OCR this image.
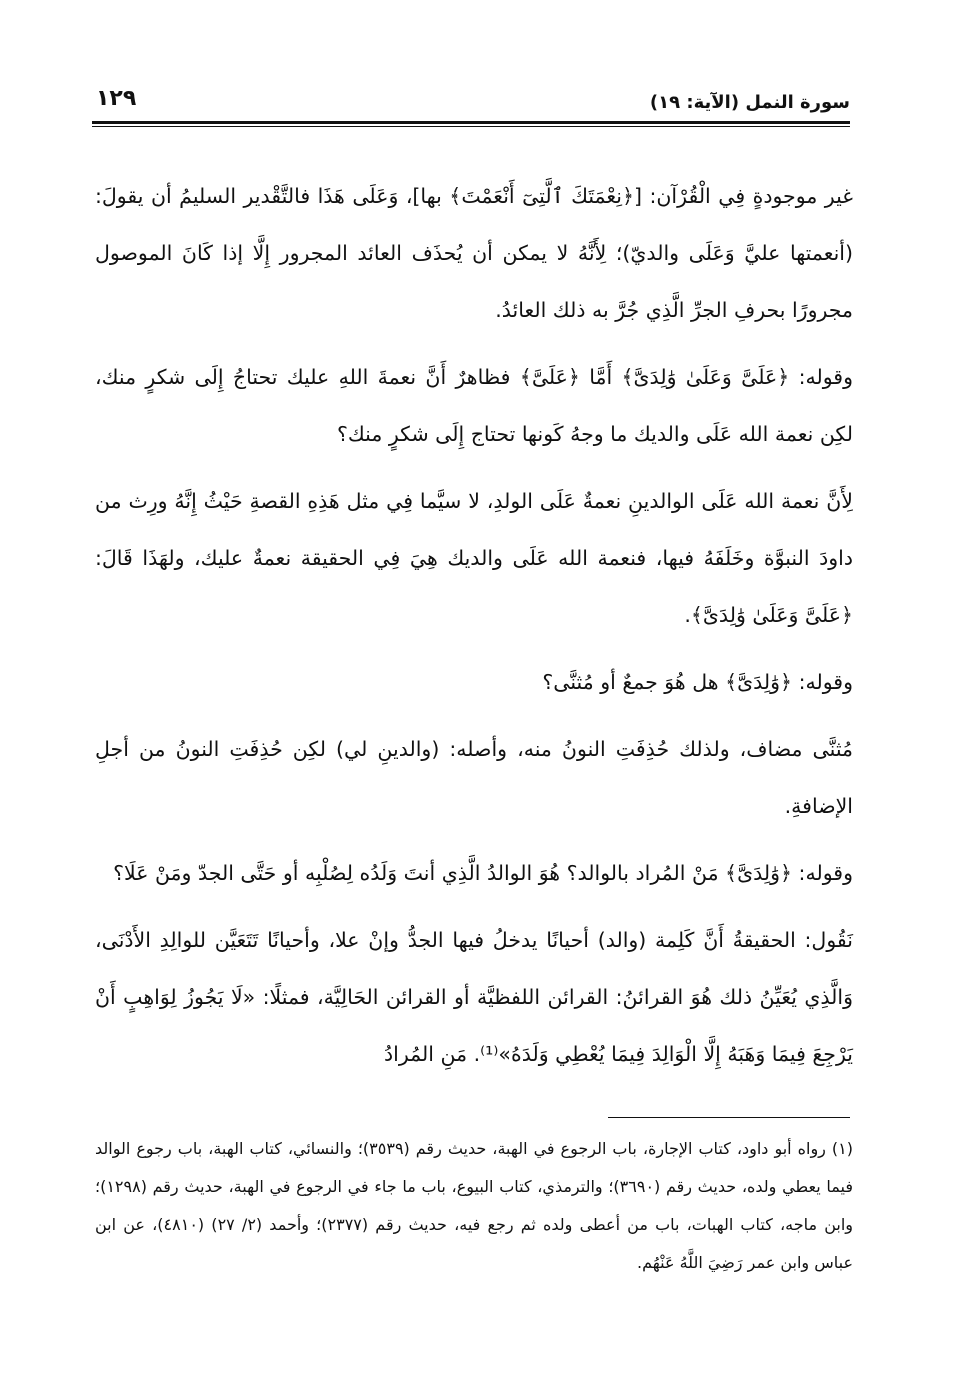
سورة النمل (الآية: ١٩)
١٢٩

غير موجودةٍ فِي الْقُرْآن: [﴿نِعْمَتَكَ ٱلَّتِىٓ أَنْعَمْتَ﴾ بها]، وَعَلَى هَذَا فالتَّقْدير السليمُ أن يقولَ: (أنعمتها عليَّ وَعَلَى والديّ)؛ لِأَنَّهُ لا يمكن أن يُحذَف العائد المجرور إِلَّا إذا كَانَ الموصول مجرورًا بحرفِ الجرِّ الَّذِي جُرَّ به ذلك العائدُ.

وقوله: ﴿عَلَىَّ وَعَلَىٰ وَٰلِدَىَّ﴾ أَمَّا ﴿عَلَىَّ﴾ فظاهرٌ أَنَّ نعمةَ اللهِ عليك تحتاجُ إِلَى شكرٍ منك، لكِن نعمة الله عَلَى والديك ما وجهُ كَونها تحتاج إِلَى شكرٍ منك؟

لِأَنَّ نعمة الله عَلَى الوالدينِ نعمةٌ عَلَى الولدِ، لا سيَّما فِي مثل هَذِهِ القصةِ حَيْثُ إِنَّهُ ورِث من داودَ النبوَّة وخَلَفَهُ فيها، فنعمة الله عَلَى والديك هِيَ فِي الحقيقة نعمةٌ عليك، ولهَذَا قَالَ: ﴿عَلَىَّ وَعَلَىٰ وَٰلِدَىَّ﴾.

وقوله: ﴿وَٰلِدَىَّ﴾ هل هُوَ جمعٌ أو مُثنَّى؟

مُثنَّى مضاف، ولذلك حُذِفَتِ النونُ منه، وأصله: (والدينِ لي) لكِن حُذِفَتِ النونُ من أجلِ الإضافةِ.

وقوله: ﴿وَٰلِدَىَّ﴾ مَنْ المُراد بالوالد؟ هُوَ الوالدُ الَّذِي أنتَ وَلَدُه لِصُلْبِه أو حَتَّى الجدّ ومَنْ عَلَا؟

نَقُول: الحقيقةُ أَنَّ كَلِمة (والد) أحيانًا يدخلُ فيها الجدُّ وإنْ علا، وأحيانًا تَتَعَيَّن للوالِدِ الأَدْنَى، وَالَّذِي يُعَيِّنُ ذلك هُوَ القرائنُ: القرائن اللفظيَّة أو القرائن الحَالِيَّة، فمثلًا: «لَا يَجُوزُ لِوَاهِبٍ أَنْ يَرْجِعَ فِيمَا وَهَبَهُ إِلَّا الْوَالِدَ فِيمَا يُعْطِي وَلَدَهُ»⁽¹⁾. مَنِ المُرادُ

(١) رواه أبو داود، كتاب الإجارة، باب الرجوع في الهبة، حديث رقم (٣٥٣٩)؛ والنسائي، كتاب الهبة، باب رجوع الوالد فيما يعطي ولده، حديث رقم (٣٦٩٠)؛ والترمذي، كتاب البيوع، باب ما جاء في الرجوع في الهبة، حديث رقم (١٢٩٨)؛ وابن ماجه، كتاب الهبات، باب من أعطى ولده ثم رجع فيه، حديث رقم (٢٣٧٧)؛ وأحمد (٢/ ٢٧) (٤٨١٠)، عن ابن عباس وابن عمر رَضِيَ اللَّهُ عَنْهُم.
